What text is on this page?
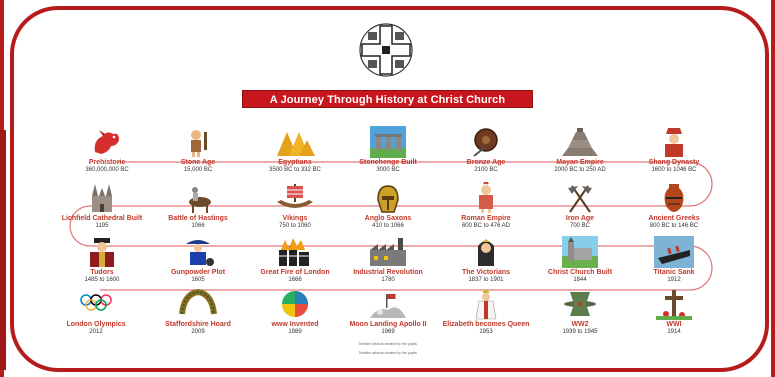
A Journey Through History at Christ Church
Prehistoric
360,000,000 BC
Stone Age
15,000 BC
Egyptians
3500 BC to 332 BC
Stonehenge Built
3000 BC
Bronze Age
2100 BC
Mayan Empire
2000 BC to 250 AD
Shang Dynasty
1600 to 1046 BC
Lichfield Cathedral Built
1195
Battle of Hastings
1066
Vikings
750 to 1060
Anglo Saxons
410 to 1066
Roman Empire
600 BC to 476 AD
Iron Age
700 BC
Ancient Greeks
800 BC to 146 BC
Tudors
1485 to 1600
Gunpowder Plot
1605
Great Fire of London
1666
Industrial Revolution
1780
The Victorians
1837 to 1901
Christ Church Built
1844
Titanic Sank
1912
London Olympics
2012
Staffordshire Hoard
2009
www Invented
1989
Moon Landing Apollo II
1969
Elizabeth becomes Queen
1953
WW2
1939 to 1945
WWI
1914
Timeline artwork created by the pupils
Timeline artwork created by the pupils
